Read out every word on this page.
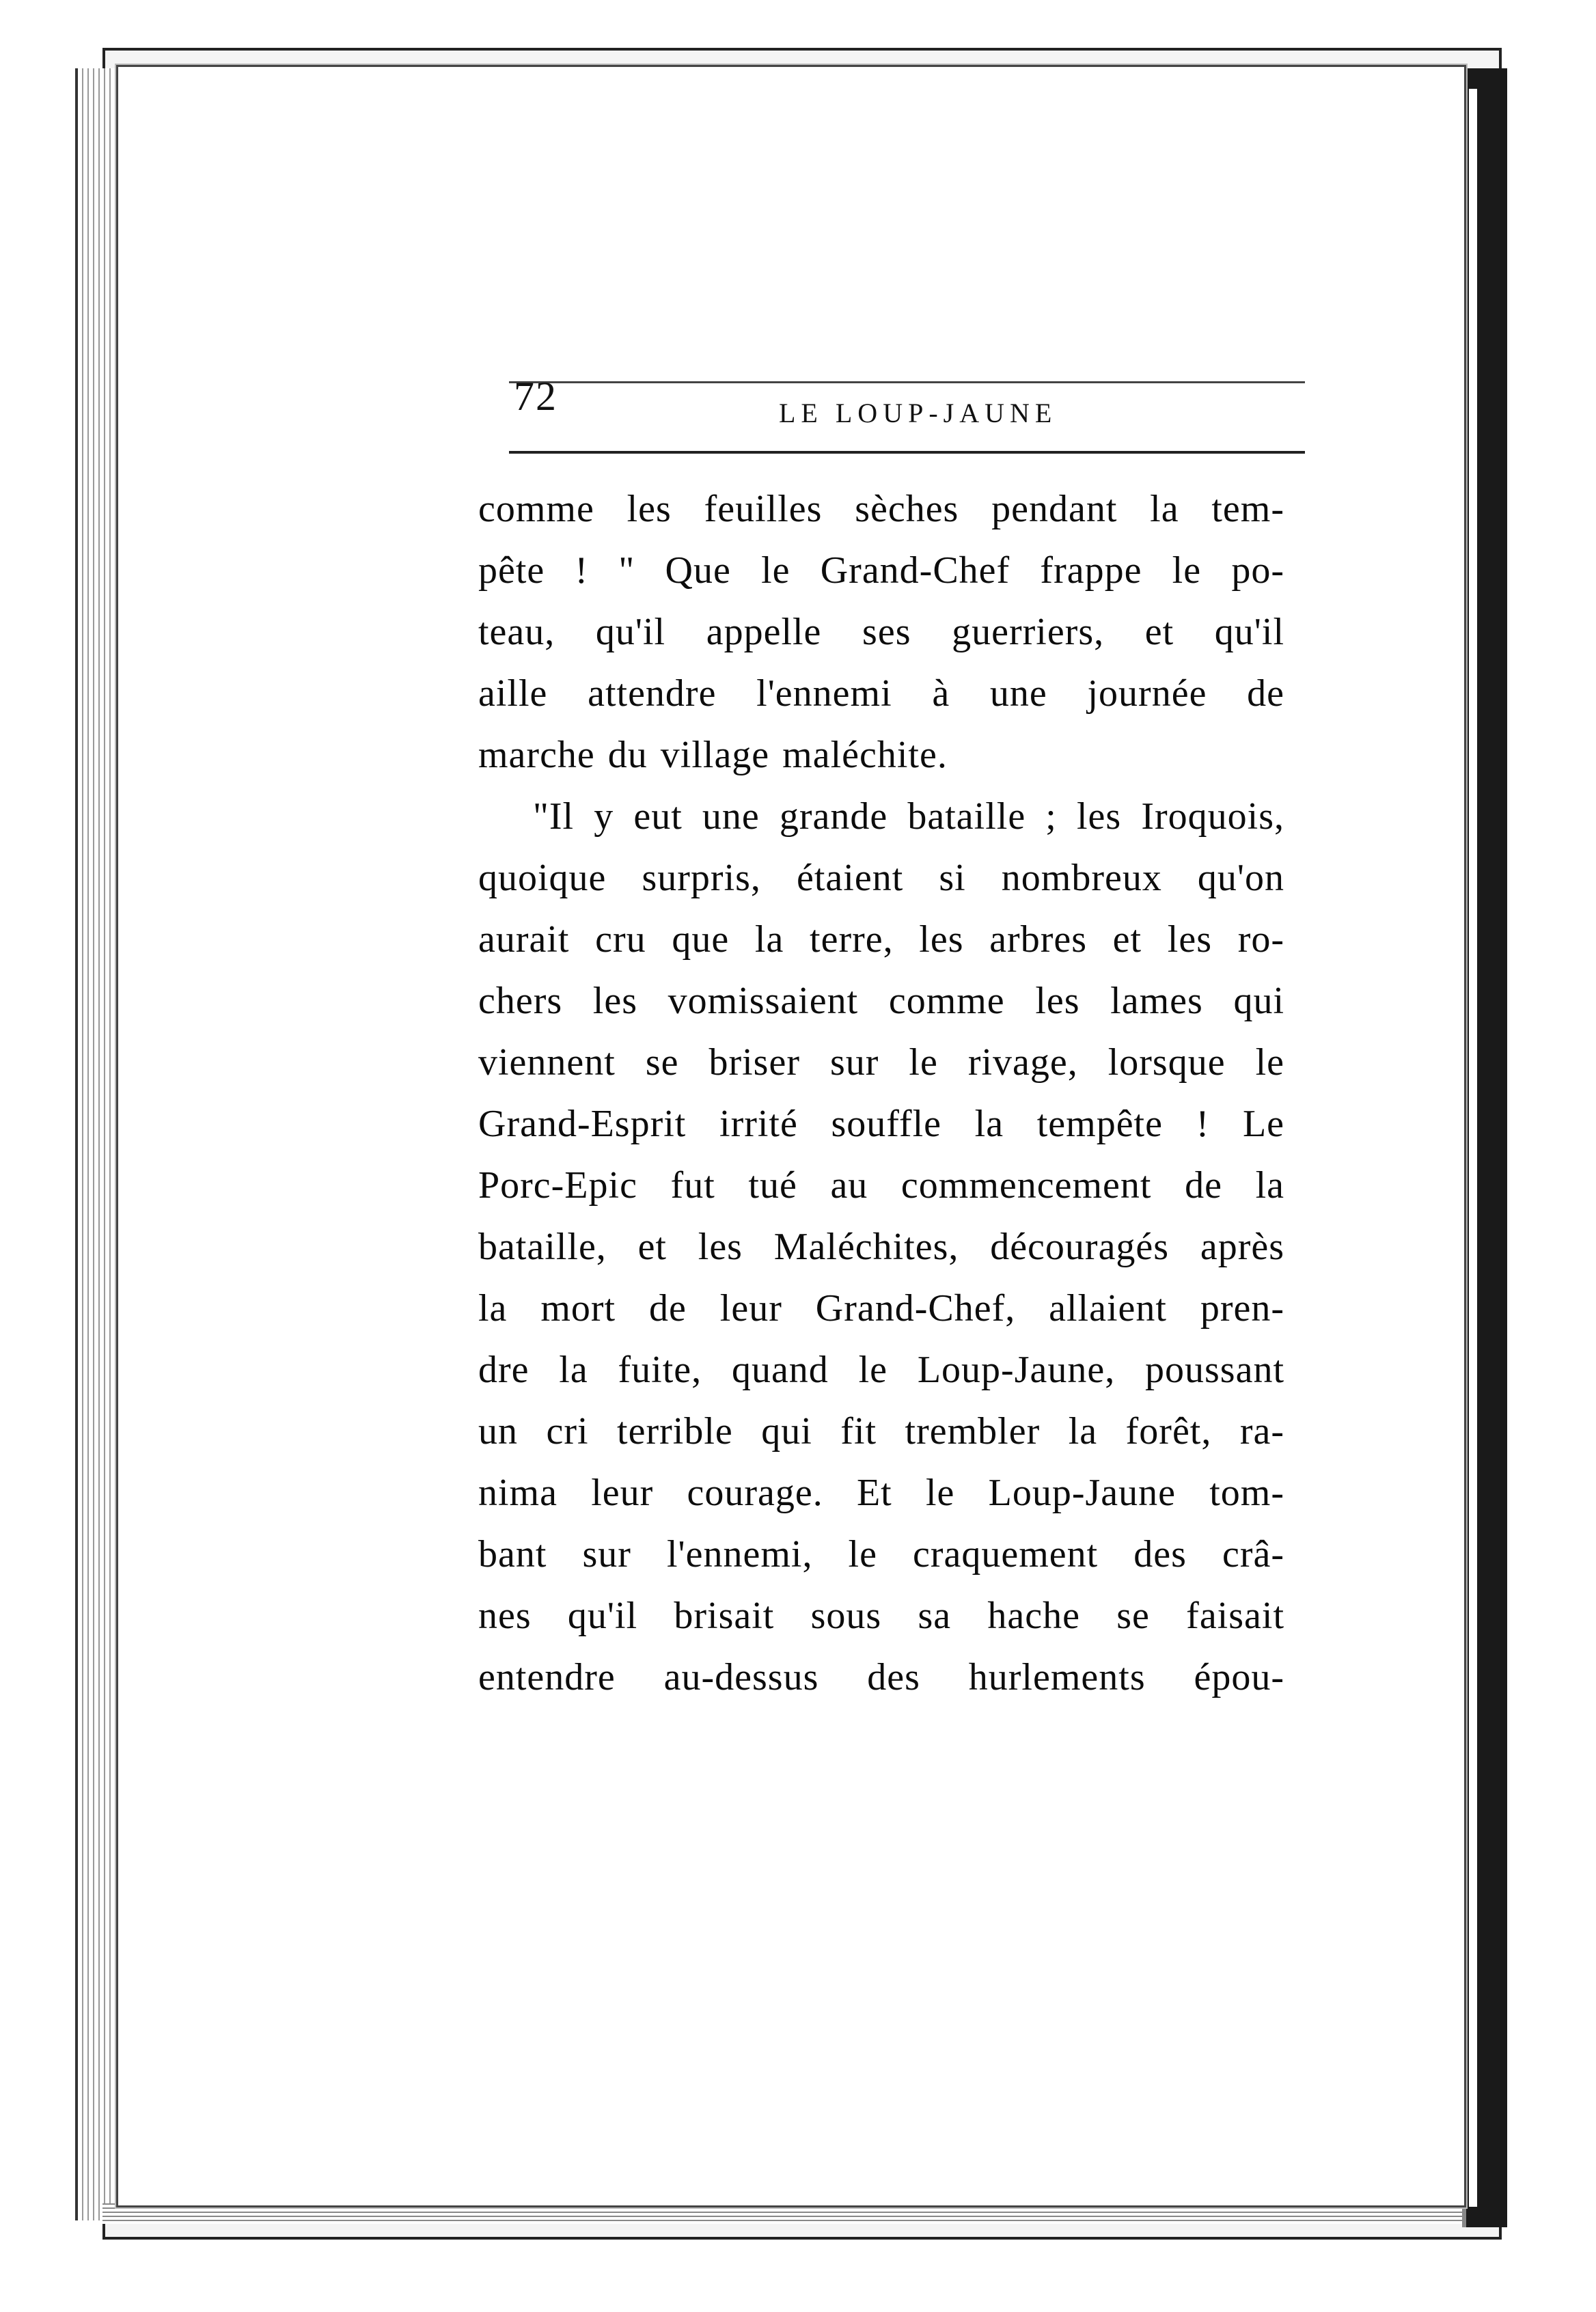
72	LE LOUP-JAUNE
comme les feuilles sèches pendant la tem-
pête ! " Que le Grand-Chef frappe le po-
teau, qu'il appelle ses guerriers, et qu'il
aille attendre l'ennemi à une journée de
marche du village maléchite.
"Il y eut une grande bataille ; les Iroquois,
quoique surpris, étaient si nombreux qu'on
aurait cru que la terre, les arbres et les ro-
chers les vomissaient comme les lames qui
viennent se briser sur le rivage, lorsque le
Grand-Esprit irrité souffle la tempête ! Le
Porc-Epic fut tué au commencement de la
bataille, et les Maléchites, découragés après
la mort de leur Grand-Chef, allaient pren-
dre la fuite, quand le Loup-Jaune, poussant
un cri terrible qui fit trembler la forêt, ra-
nima leur courage. Et le Loup-Jaune tom-
bant sur l'ennemi, le craquement des crâ-
nes qu'il brisait sous sa hache se faisait
entendre au-dessus des hurlements épou-
